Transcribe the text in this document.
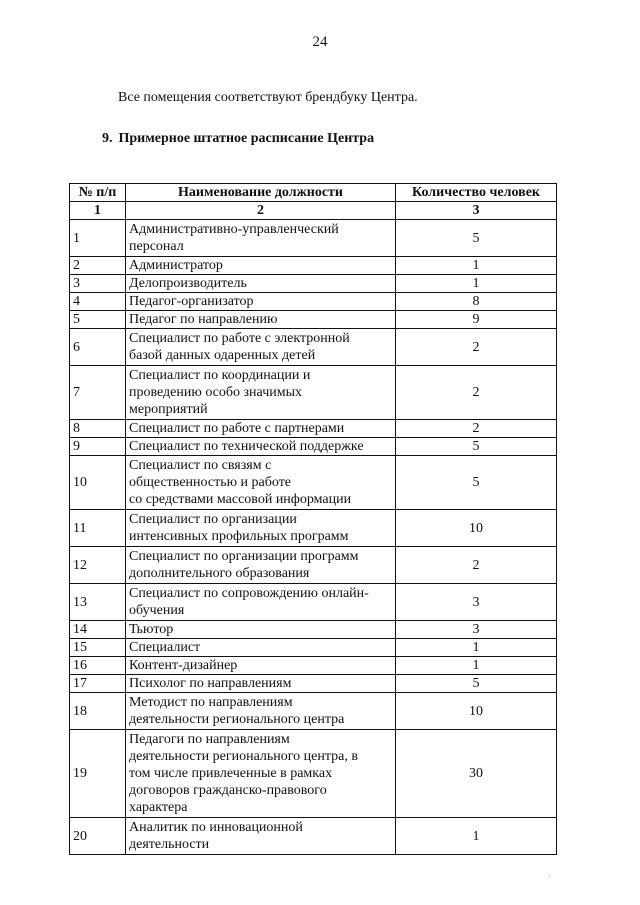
24
Все помещения соответствуют брендбуку Центра.
9. Примерное штатное расписание Центра
№ п/п	Наименование должности	Количество человек
1	2	3
1	Административно-управленческий
персонал	5
2	Администратор	1
3	Делопроизводитель	1
4	Педагог-организатор	8
5	Педагог по направлению	9
6	Специалист по работе с электронной
базой данных одаренных детей	2
7	Специалист по координации и
проведению особо значимых
мероприятий	2
8	Специалист по работе с партнерами	2
9	Специалист по технической поддержке	5
10	Специалист по связям с
общественностью и работе
со средствами массовой информации	5
11	Специалист по организации
интенсивных профильных программ	10
12	Специалист по организации программ
дополнительного образования	2
13	Специалист по сопровождению онлайн-
обучения	3
14	Тьютор	3
15	Специалист	1
16	Контент-дизайнер	1
17	Психолог по направлениям	5
18	Методист по направлениям
деятельности регионального центра	10
19	Педагоги по направлениям
деятельности регионального центра, в
том числе привлеченные в рамках
договоров гражданско-правового
характера	30
20	Аналитик по инновационной
деятельности	1
·​
